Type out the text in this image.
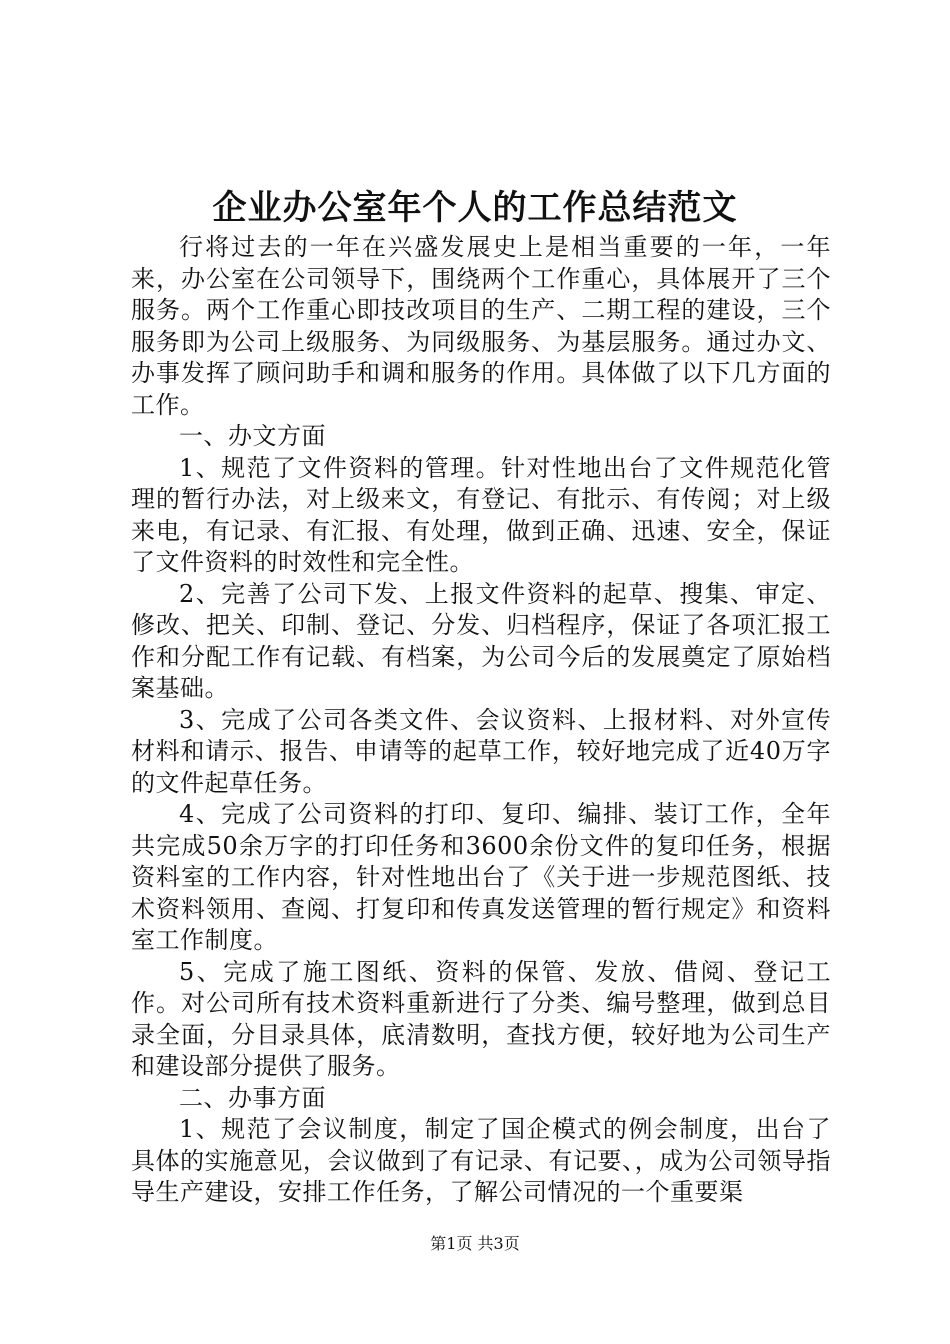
企业办公室年个人的工作总结范文

行将过去的一年在兴盛发展史上是相当重要的一年，一年来，办公室在公司领导下，围绕两个工作重心，具体展开了三个服务。两个工作重心即技改项目的生产、二期工程的建设，三个服务即为公司上级服务、为同级服务、为基层服务。通过办文、办事发挥了顾问助手和调和服务的作用。具体做了以下几方面的工作。

一、办文方面

1、规范了文件资料的管理。针对性地出台了文件规范化管理的暂行办法，对上级来文，有登记、有批示、有传阅；对上级来电，有记录、有汇报、有处理，做到正确、迅速、安全，保证了文件资料的时效性和完全性。

2、完善了公司下发、上报文件资料的起草、搜集、审定、修改、把关、印制、登记、分发、归档程序，保证了各项汇报工作和分配工作有记载、有档案，为公司今后的发展奠定了原始档案基础。

3、完成了公司各类文件、会议资料、上报材料、对外宣传材料和请示、报告、申请等的起草工作，较好地完成了近40万字的文件起草任务。

4、完成了公司资料的打印、复印、编排、装订工作，全年共完成50余万字的打印任务和3600余份文件的复印任务，根据资料室的工作内容，针对性地出台了《关于进一步规范图纸、技术资料领用、查阅、打复印和传真发送管理的暂行规定》和资料室工作制度。

5、完成了施工图纸、资料的保管、发放、借阅、登记工作。对公司所有技术资料重新进行了分类、编号整理，做到总目录全面，分目录具体，底清数明，查找方便，较好地为公司生产和建设部分提供了服务。

二、办事方面

1、规范了会议制度，制定了国企模式的例会制度，出台了具体的实施意见，会议做到了有记录、有记要、，成为公司领导指导生产建设，安排工作任务，了解公司情况的一个重要渠

第1页 共3页
